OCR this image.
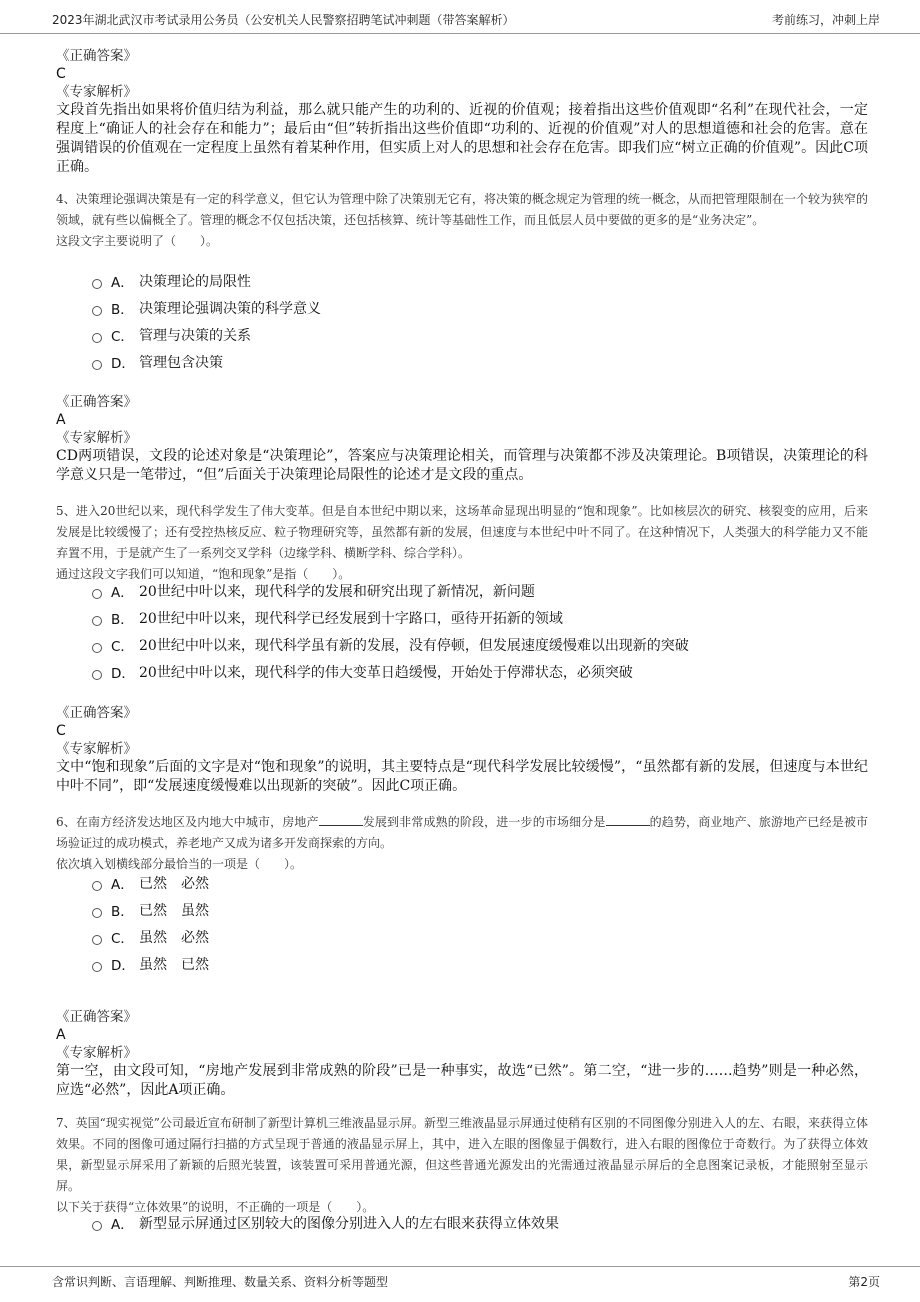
2023年湖北武汉市考试录用公务员（公安机关人民警察招聘笔试冲刺题（带答案解析）	考前练习，冲刺上岸
《正确答案》
C
《专家解析》
文段首先指出如果将价值归结为利益，那么就只能产生的功利的、近视的价值观；接着指出这些价值观即“名利”在现代社会，一定程度上“确证人的社会存在和能力”；最后由“但”转折指出这些价值即“功利的、近视的价值观”对人的思想道德和社会的危害。意在强调错误的价值观在一定程度上虽然有着某种作用，但实质上对人的思想和社会存在危害。即我们应“树立正确的价值观”。因此C项正确。
4、决策理论强调决策是有一定的科学意义，但它认为管理中除了决策别无它有，将决策的概念规定为管理的统一概念，从而把管理限制在一个较为狭窄的领域，就有些以偏概全了。管理的概念不仅包括决策，还包括核算、统计等基础性工作，而且低层人员中要做的更多的是“业务决定”。
这段文字主要说明了（　　）。
A． 决策理论的局限性
B． 决策理论强调决策的科学意义
C． 管理与决策的关系
D． 管理包含决策
《正确答案》
A
《专家解析》
CD两项错误，文段的论述对象是“决策理论”，答案应与决策理论相关，而管理与决策都不涉及决策理论。B项错误，决策理论的科学意义只是一笔带过，“但”后面关于决策理论局限性的论述才是文段的重点。
5、进入20世纪以来，现代科学发生了伟大变革。但是自本世纪中期以来，这场革命显现出明显的“饱和现象”。比如核层次的研究、核裂变的应用，后来发展是比较缓慢了；还有受控热核反应、粒子物理研究等，虽然都有新的发展，但速度与本世纪中叶不同了。在这种情况下，人类强大的科学能力又不能弃置不用，于是就产生了一系列交叉学科（边缘学科、横断学科、综合学科）。
通过这段文字我们可以知道，“饱和现象”是指（　　）。
A． 20世纪中叶以来，现代科学的发展和研究出现了新情况，新问题
B． 20世纪中叶以来，现代科学已经发展到十字路口，亟待开拓新的领域
C． 20世纪中叶以来，现代科学虽有新的发展，没有停顿，但发展速度缓慢难以出现新的突破
D． 20世纪中叶以来，现代科学的伟大变革日趋缓慢，开始处于停滞状态，必须突破
《正确答案》
C
《专家解析》
文中“饱和现象”后面的文字是对“饱和现象”的说明，其主要特点是“现代科学发展比较缓慢”，“虽然都有新的发展，但速度与本世纪中叶不同”，即“发展速度缓慢难以出现新的突破”。因此C项正确。
6、在南方经济发达地区及内地大中城市，房地产	发展到非常成熟的阶段，进一步的市场细分是	的趋势，商业地产、旅游地产已经是被市场验证过的成功模式，养老地产又成为诸多开发商探索的方向。
依次填入划横线部分最恰当的一项是（　　）。
A． 已然　必然
B． 已然　虽然
C． 虽然　必然
D． 虽然　已然
《正确答案》
A
《专家解析》
第一空，由文段可知，“房地产发展到非常成熟的阶段”已是一种事实，故选“已然”。第二空，“进一步的……趋势”则是一种必然，应选“必然”，因此A项正确。
7、英国“现实视觉”公司最近宣布研制了新型计算机三维液晶显示屏。新型三维液晶显示屏通过使稍有区别的不同图像分别进入人的左、右眼，来获得立体效果。不同的图像可通过隔行扫描的方式呈现于普通的液晶显示屏上，其中，进入左眼的图像显于偶数行，进入右眼的图像位于奇数行。为了获得立体效果，新型显示屏采用了新颖的后照光装置，该装置可采用普通光源，但这些普通光源发出的光需通过液晶显示屏后的全息图案记录板，才能照射至显示屏。
以下关于获得“立体效果”的说明，不正确的一项是（　　）。
A． 新型显示屏通过区别较大的图像分别进入人的左右眼来获得立体效果
含常识判断、言语理解、判断推理、数量关系、资料分析等题型	第2页
